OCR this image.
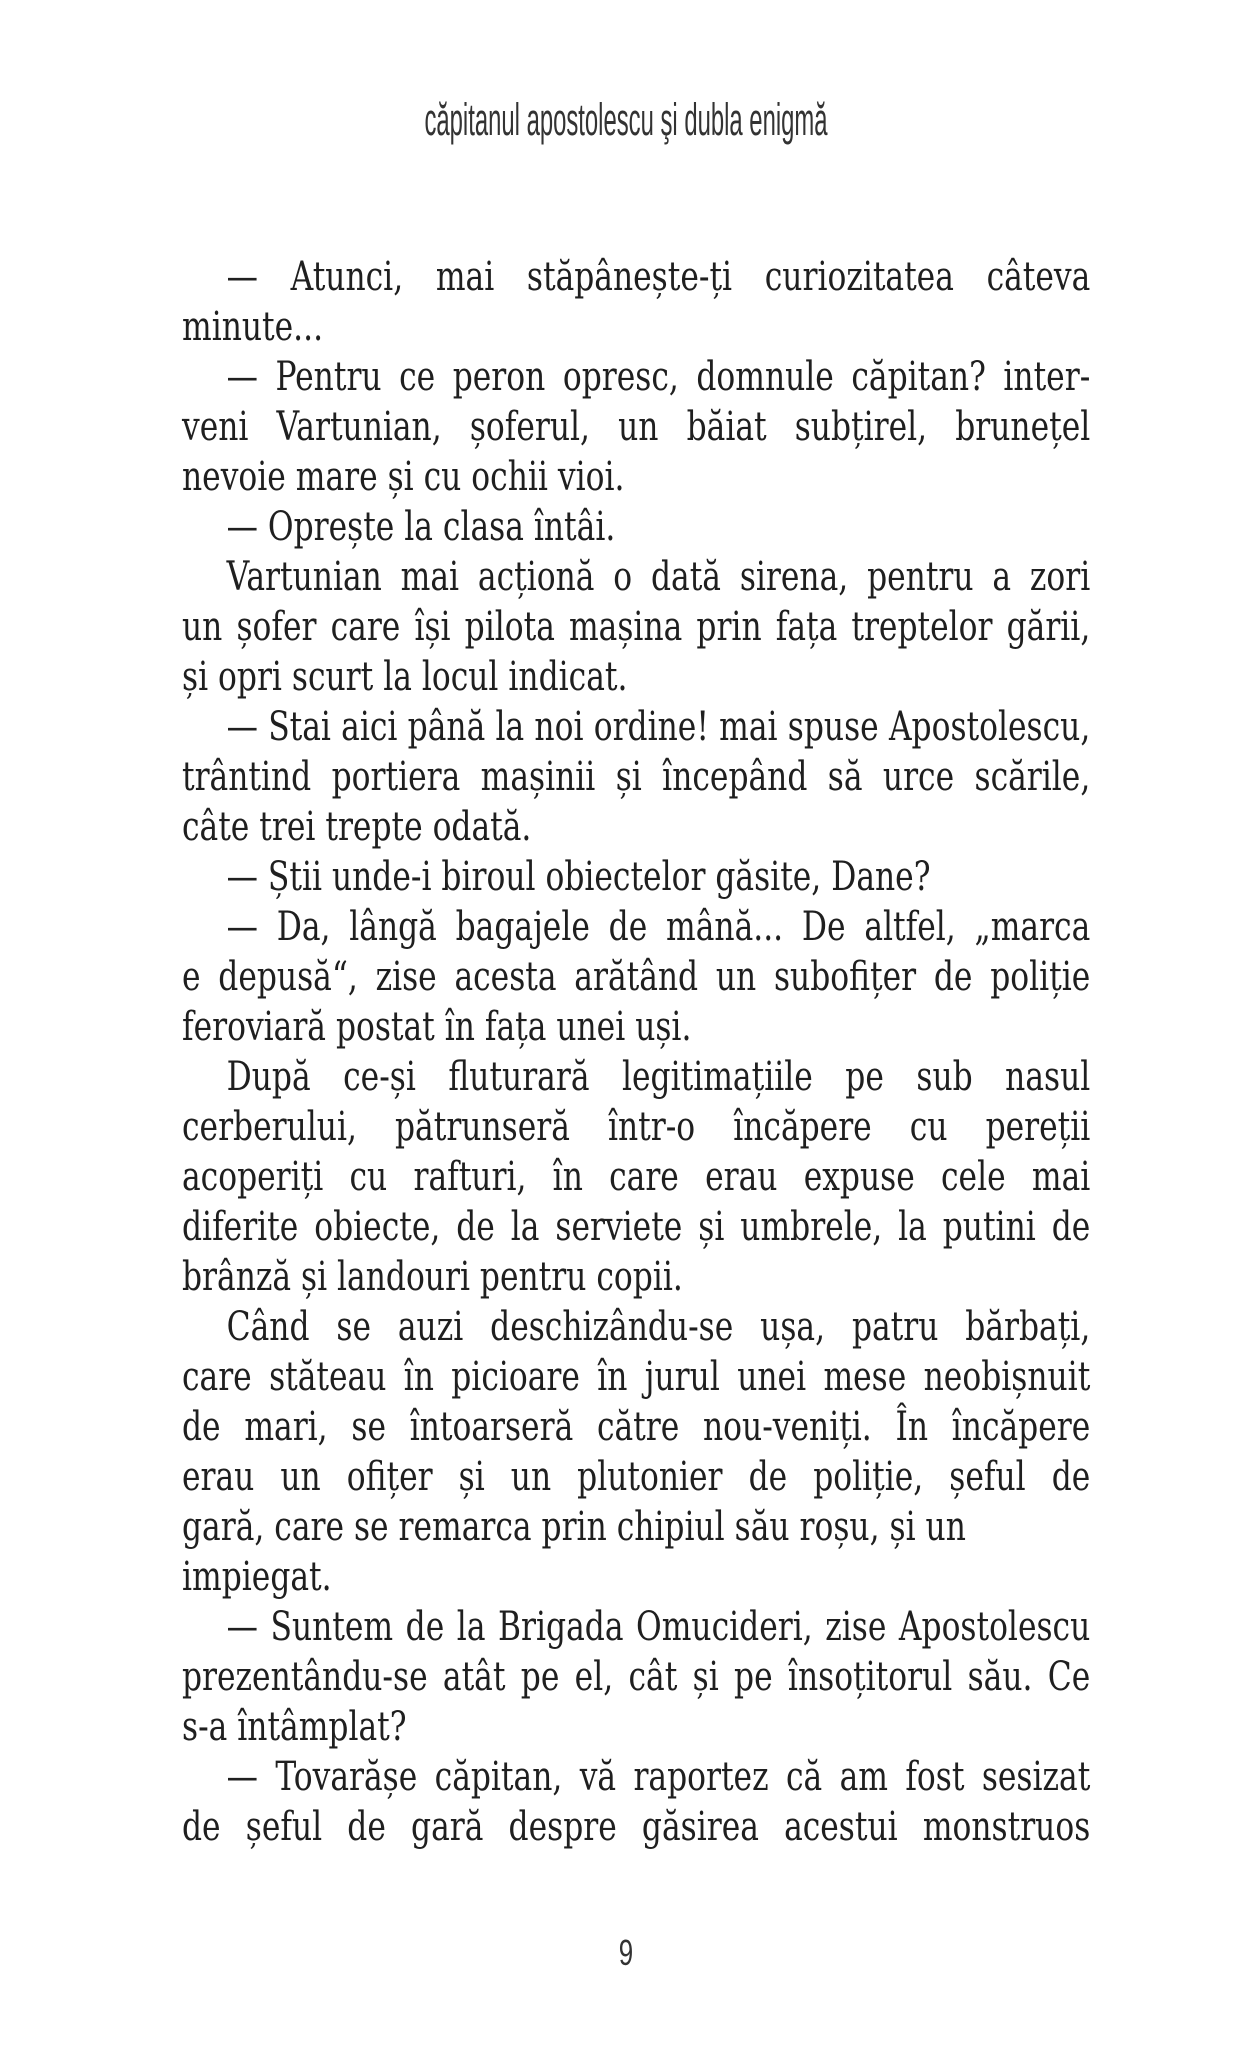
căpitanul apostolescu şi dubla enigmă
— Atunci, mai stăpânește-ți curiozitatea câteva
minute...
— Pentru ce peron opresc, domnule căpitan? inter-
veni Vartunian, șoferul, un băiat subțirel, brunețel
nevoie mare și cu ochii vioi.
— Oprește la clasa întâi.
Vartunian mai acționă o dată sirena, pentru a zori
un șofer care își pilota mașina prin fața treptelor gării,
și opri scurt la locul indicat.
— Stai aici până la noi ordine! mai spuse Apostolescu,
trântind portiera mașinii și începând să urce scările,
câte trei trepte odată.
— Știi unde-i biroul obiectelor găsite, Dane?
— Da, lângă bagajele de mână... De altfel, „marca
e depusă“, zise acesta arătând un subofițer de poliție
feroviară postat în fața unei uși.
După ce-și fluturară legitimațiile pe sub nasul
cerberului, pătrunseră într-o încăpere cu pereții
acoperiți cu rafturi, în care erau expuse cele mai
diferite obiecte, de la serviete și umbrele, la putini de
brânză și landouri pentru copii.
Când se auzi deschizându-se ușa, patru bărbați,
care stăteau în picioare în jurul unei mese neobișnuit
de mari, se întoarseră către nou-veniți. În încăpere
erau un ofițer și un plutonier de poliție, șeful de
gară, care se remarca prin chipiul său roșu, și un
impiegat.
— Suntem de la Brigada Omucideri, zise Apostolescu
prezentându-se atât pe el, cât și pe însoțitorul său. Ce
s-a întâmplat?
— Tovarășe căpitan, vă raportez că am fost sesizat
de șeful de gară despre găsirea acestui monstruos
9
